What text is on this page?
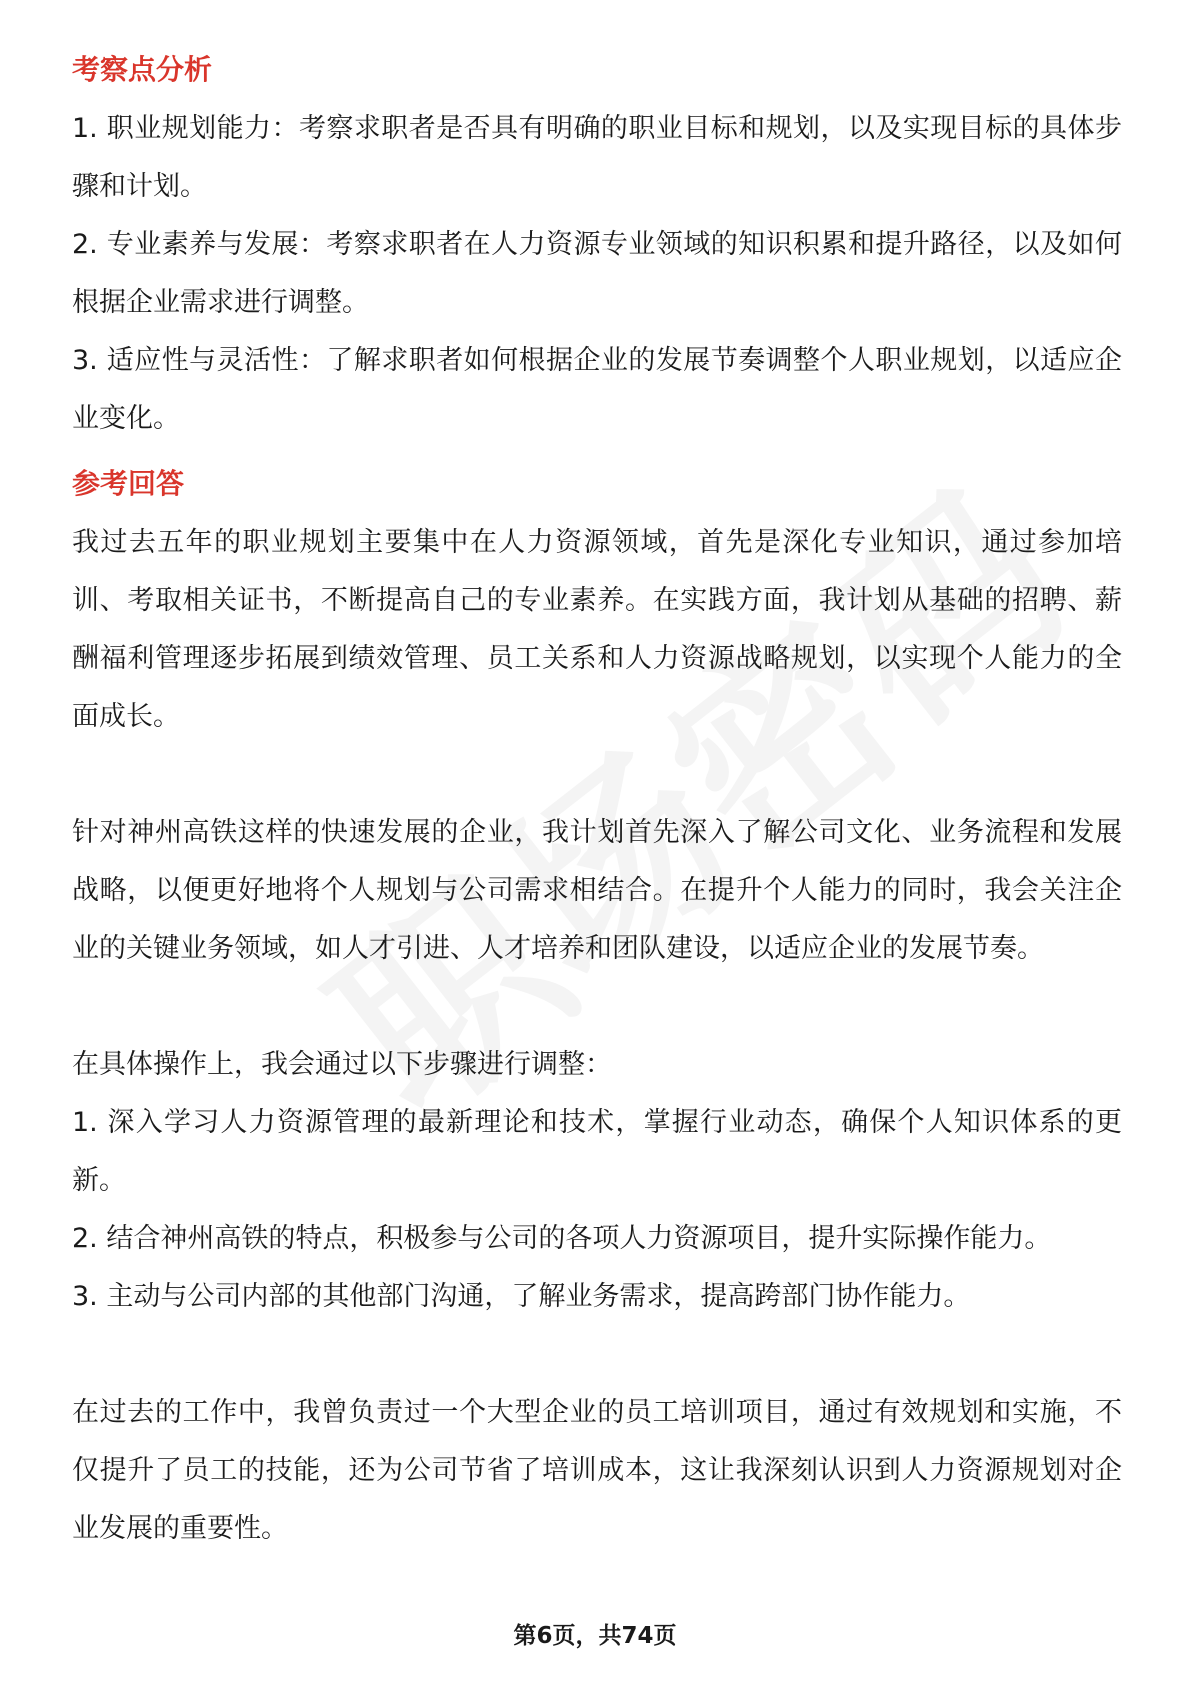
考察点分析

1. 职业规划能力：考察求职者是否具有明确的职业目标和规划，以及实现目标的具体步骤和计划。

2. 专业素养与发展：考察求职者在人力资源专业领域的知识积累和提升路径，以及如何根据企业需求进行调整。

3. 适应性与灵活性：了解求职者如何根据企业的发展节奏调整个人职业规划，以适应企业变化。

参考回答

我过去五年的职业规划主要集中在人力资源领域，首先是深化专业知识，通过参加培训、考取相关证书，不断提高自己的专业素养。在实践方面，我计划从基础的招聘、薪酬福利管理逐步拓展到绩效管理、员工关系和人力资源战略规划，以实现个人能力的全面成长。

针对神州高铁这样的快速发展的企业，我计划首先深入了解公司文化、业务流程和发展战略，以便更好地将个人规划与公司需求相结合。在提升个人能力的同时，我会关注企业的关键业务领域，如人才引进、人才培养和团队建设，以适应企业的发展节奏。

在具体操作上，我会通过以下步骤进行调整：

1. 深入学习人力资源管理的最新理论和技术，掌握行业动态，确保个人知识体系的更新。

2. 结合神州高铁的特点，积极参与公司的各项人力资源项目，提升实际操作能力。

3. 主动与公司内部的其他部门沟通，了解业务需求，提高跨部门协作能力。

在过去的工作中，我曾负责过一个大型企业的员工培训项目，通过有效规划和实施，不仅提升了员工的技能，还为公司节省了培训成本，这让我深刻认识到人力资源规划对企业发展的重要性。

第6页，共74页
